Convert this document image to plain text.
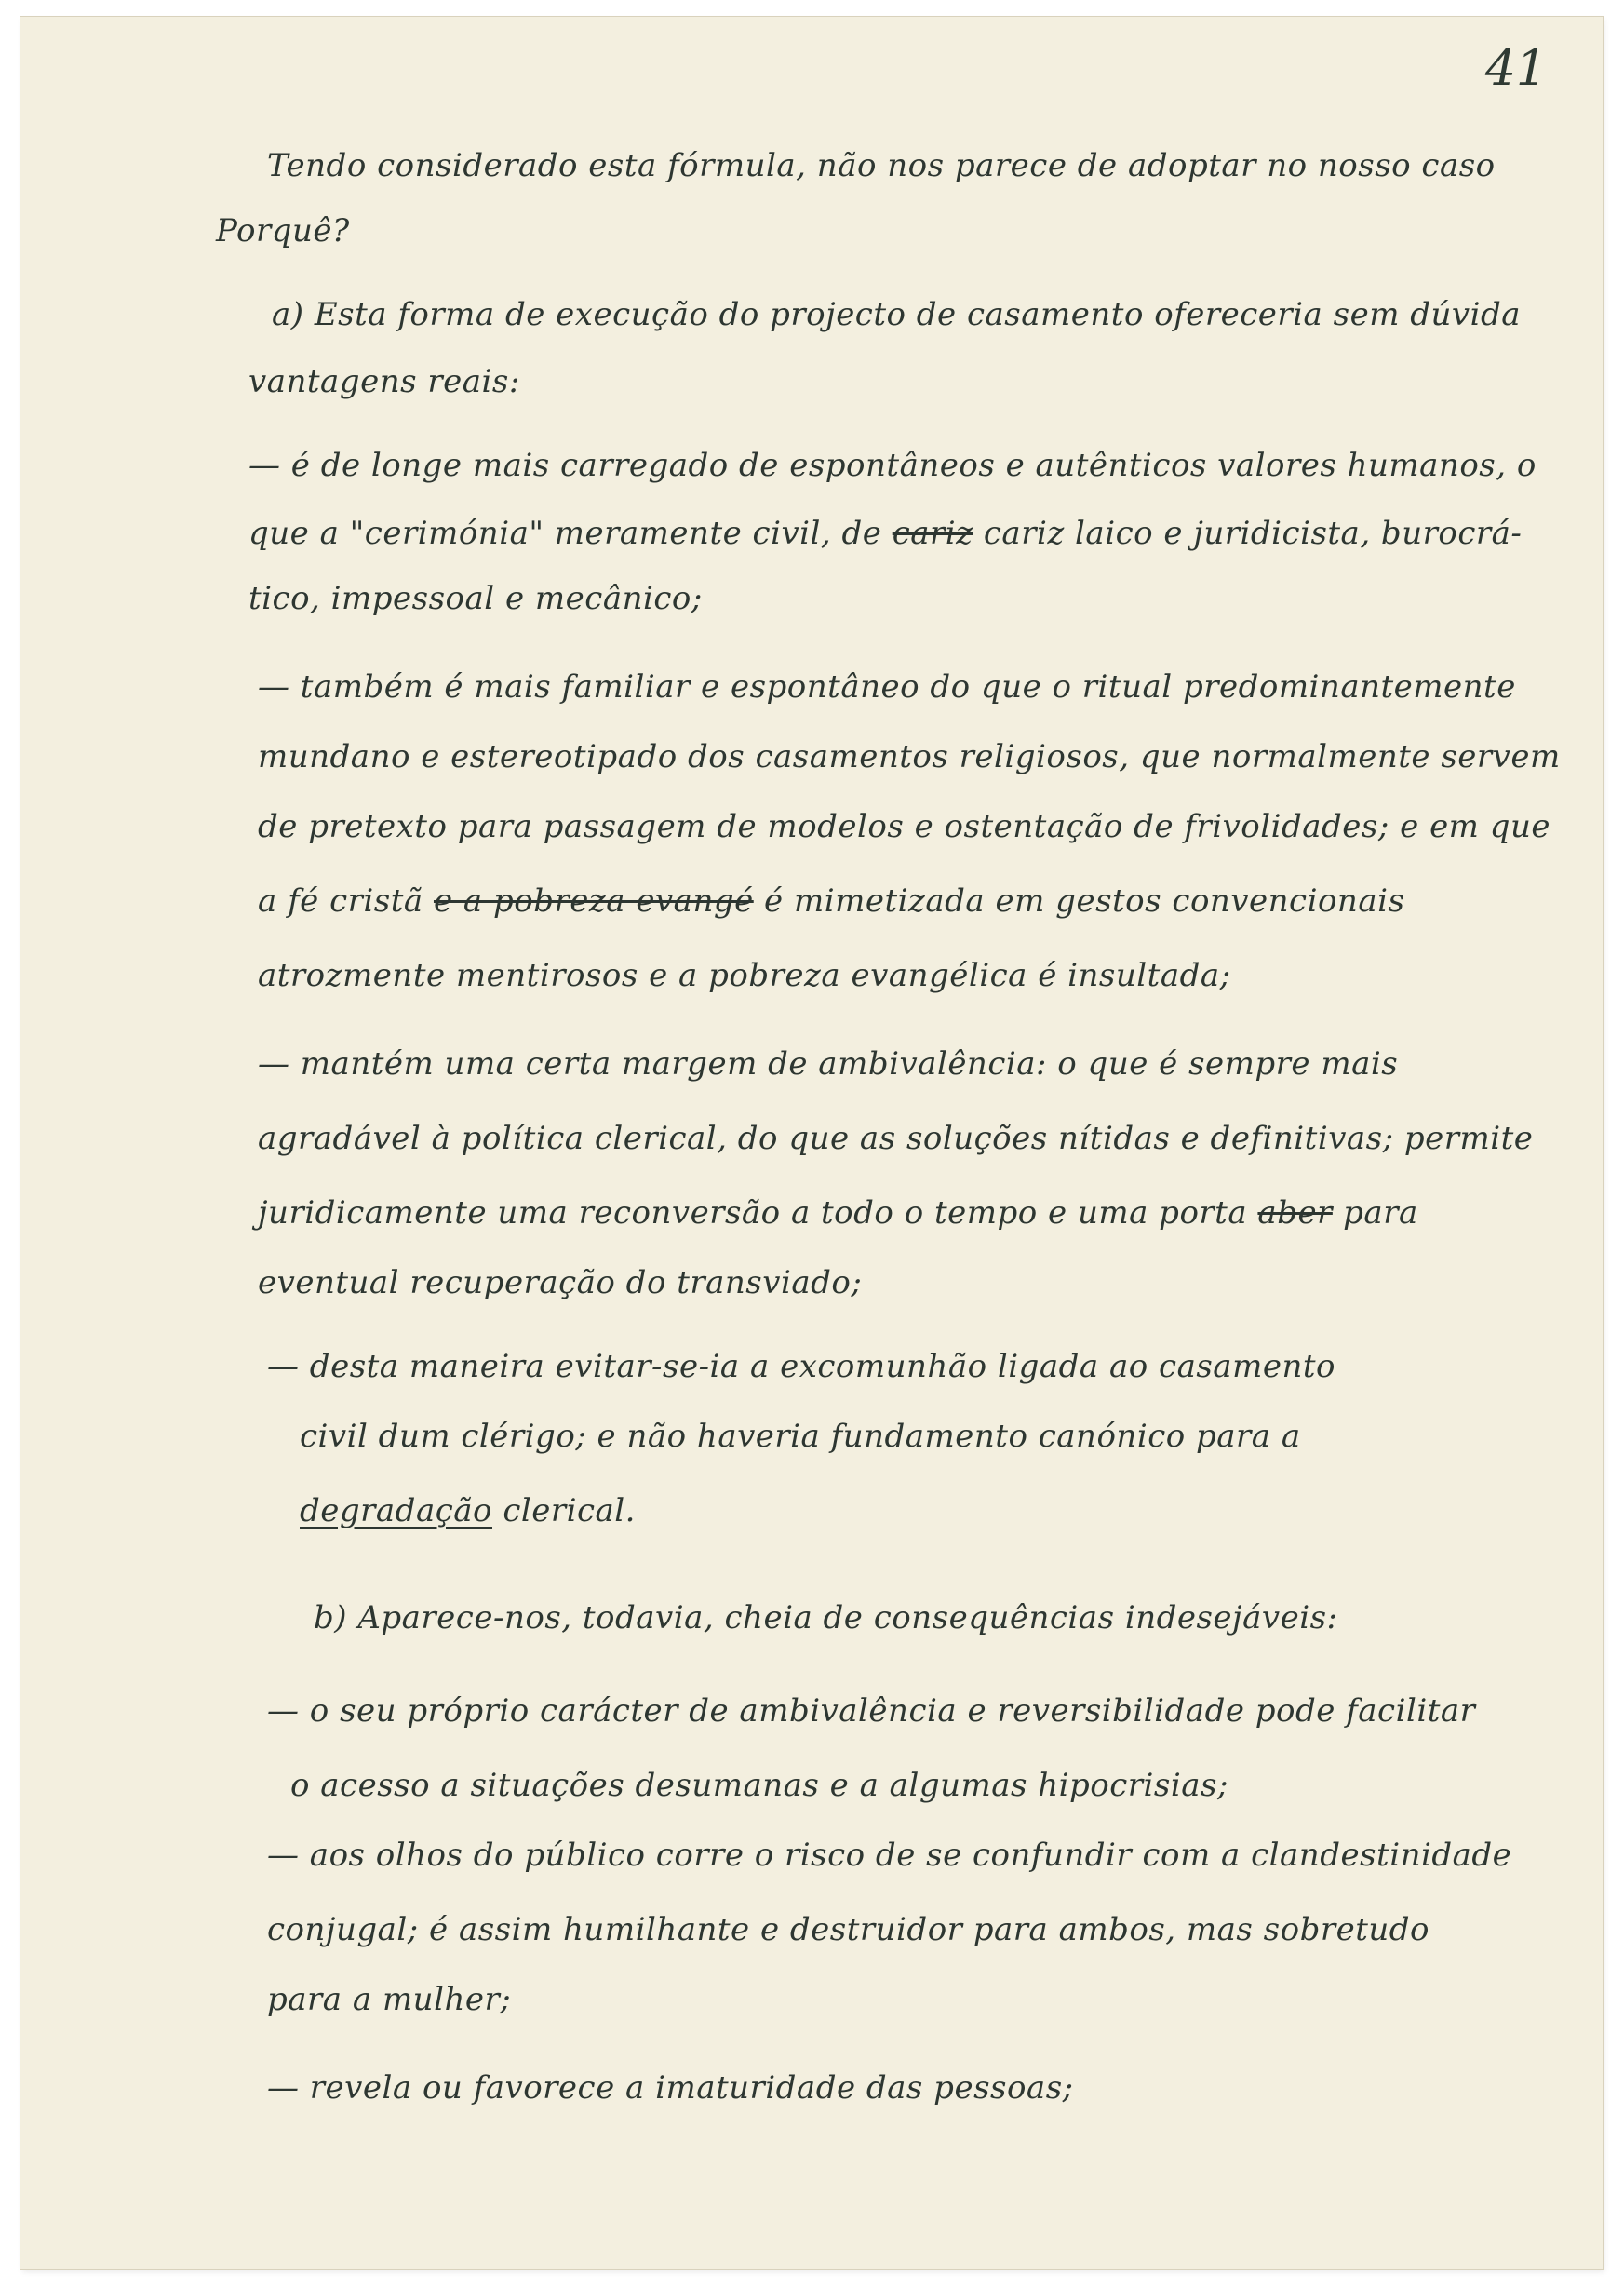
41
Tendo considerado esta fórmula, não nos parece de adoptar no nosso caso
Porquê?
a) Esta forma de execução do projecto de casamento ofereceria sem dúvida
vantagens reais:
— é de longe mais carregado de espontâneos e autênticos valores humanos, o
que a "cerimónia" meramente civil, de cariz cariz laico e juridicista, burocrá-
tico, impessoal e mecânico;
— também é mais familiar e espontâneo do que o ritual predominantemente
mundano e estereotipado dos casamentos religiosos, que normalmente servem
de pretexto para passagem de modelos e ostentação de frivolidades; e em que
a fé cristã e a pobreza evangé é mimetizada em gestos convencionais
atrozmente mentirosos e a pobreza evangélica é insultada;
— mantém uma certa margem de ambivalência: o que é sempre mais
agradável à política clerical, do que as soluções nítidas e definitivas; permite
juridicamente uma reconversão a todo o tempo e uma porta aber para
eventual recuperação do transviado;
— desta maneira evitar-se-ia a excomunhão ligada ao casamento
civil dum clérigo; e não haveria fundamento canónico para a
degradação clerical.
b) Aparece-nos, todavia, cheia de consequências indesejáveis:
— o seu próprio carácter de ambivalência e reversibilidade pode facilitar
o acesso a situações desumanas e a algumas hipocrisias;
— aos olhos do público corre o risco de se confundir com a clandestinidade
conjugal; é assim humilhante e destruidor para ambos, mas sobretudo
para a mulher;
— revela ou favorece a imaturidade das pessoas;
